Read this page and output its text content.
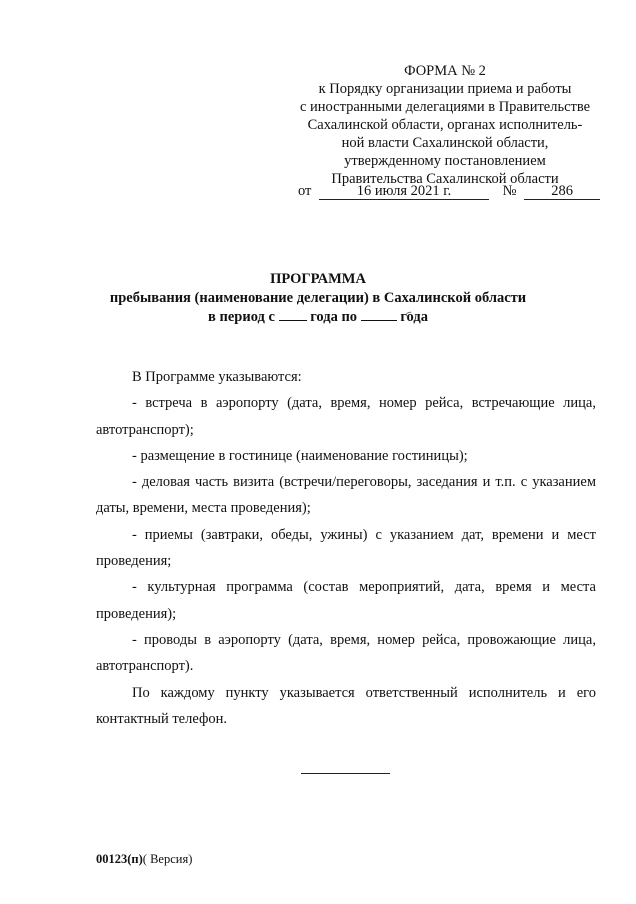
ФОРМА № 2
к Порядку организации приема и работы
с иностранными делегациями в Правительстве
Сахалинской области, органах исполнитель-
ной власти Сахалинской области,
утвержденному постановлением
Правительства Сахалинской области
от	16 июля 2021 г.	№ 286
ПРОГРАММА
пребывания (наименование делегации) в Сахалинской области
в период с года по	года

В Программе указываются:

- встреча в аэропорту (дата, время, номер рейса, встречающие лица, автотранспорт);

- размещение в гостинице (наименование гостиницы);

- деловая часть визита (встречи/переговоры, заседания и т.п. с указанием даты, времени, места проведения);

- приемы (завтраки, обеды, ужины) с указанием дат, времени и мест проведения;

- культурная программа (состав мероприятий, дата, время и места проведения);

- проводы в аэропорту (дата, время, номер рейса, провожающие лица, автотранспорт).

По каждому пункту указывается ответственный исполнитель и его контактный телефон.

00123(п)( Версия)
